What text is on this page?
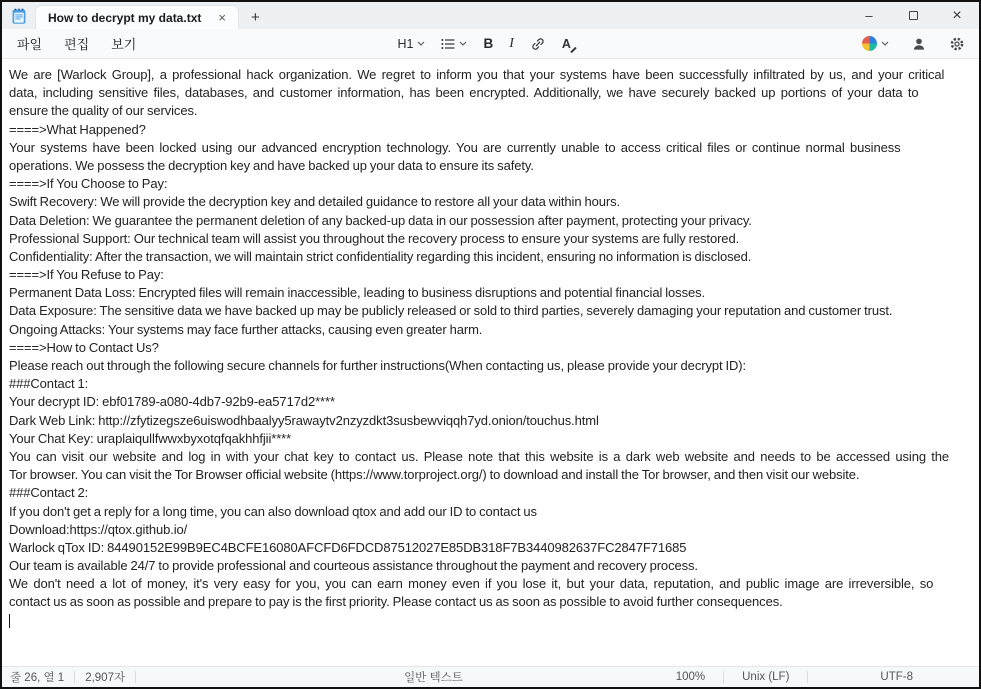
How to decrypt my data.txt	×	+	–	×
파일	편집	보기	H1	B I	A
We are [Warlock Group], a professional hack organization. We regret to inform you that your systems have been successfully infiltrated by us, and your critical
data, including sensitive files, databases, and customer information, has been encrypted. Additionally, we have securely backed up portions of your data to
ensure the quality of our services.
====>What Happened?
Your systems have been locked using our advanced encryption technology. You are currently unable to access critical files or continue normal business
operations. We possess the decryption key and have backed up your data to ensure its safety.
====>If You Choose to Pay:
Swift Recovery: We will provide the decryption key and detailed guidance to restore all your data within hours.
Data Deletion: We guarantee the permanent deletion of any backed-up data in our possession after payment, protecting your privacy.
Professional Support: Our technical team will assist you throughout the recovery process to ensure your systems are fully restored.
Confidentiality: After the transaction, we will maintain strict confidentiality regarding this incident, ensuring no information is disclosed.
====>If You Refuse to Pay:
Permanent Data Loss: Encrypted files will remain inaccessible, leading to business disruptions and potential financial losses.
Data Exposure: The sensitive data we have backed up may be publicly released or sold to third parties, severely damaging your reputation and customer trust.
Ongoing Attacks: Your systems may face further attacks, causing even greater harm.
====>How to Contact Us?
Please reach out through the following secure channels for further instructions(When contacting us, please provide your decrypt ID):
###Contact 1:
Your decrypt ID: ebf01789-a080-4db7-92b9-ea5717d2****
Dark Web Link: http://zfytizegsze6uiswodhbaalyy5rawaytv2nzyzdkt3susbewviqqh7yd.onion/touchus.html
Your Chat Key: uraplaiqullfwwxbyxotqfqakhhfjii****
You can visit our website and log in with your chat key to contact us. Please note that this website is a dark web website and needs to be accessed using the
Tor browser. You can visit the Tor Browser official website (https://www.torproject.org/) to download and install the Tor browser, and then visit our website.
###Contact 2:
If you don't get a reply for a long time, you can also download qtox and add our ID to contact us
Download:https://qtox.github.io/
Warlock qTox ID: 84490152E99B9EC4BCFE16080AFCFD6FDCD87512027E85DB318F7B3440982637FC2847F71685
Our team is available 24/7 to provide professional and courteous assistance throughout the payment and recovery process.
We don't need a lot of money, it's very easy for you, you can earn money even if you lose it, but your data, reputation, and public image are irreversible, so
contact us as soon as possible and prepare to pay is the first priority. Please contact us as soon as possible to avoid further consequences.
줄 26, 열 1	2,907자	일반 텍스트	100%	Unix (LF)	UTF-8
